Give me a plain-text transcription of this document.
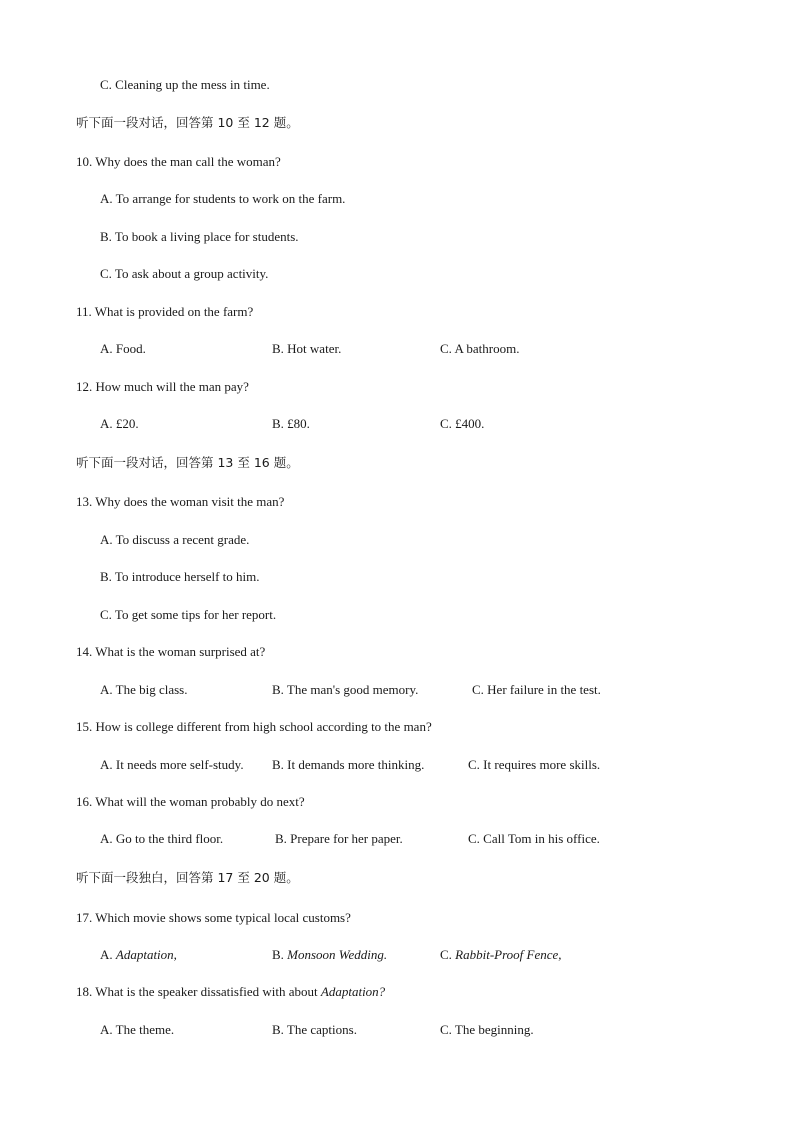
C. Cleaning up the mess in time.
听下面一段对话，回答第 10 至 12 题。
10. Why does the man call the woman?
A. To arrange for students to work on the farm.
B. To book a living place for students.
C. To ask about a group activity.
11. What is provided on the farm?
A. Food.	B. Hot water.	C. A bathroom.
12. How much will the man pay?
A. £20.	B. £80.	C. £400.
听下面一段对话，回答第 13 至 16 题。
13. Why does the woman visit the man?
A. To discuss a recent grade.
B. To introduce herself to him.
C. To get some tips for her report.
14. What is the woman surprised at?
A. The big class.	B. The man's good memory.	C. Her failure in the test.
15. How is college different from high school according to the man?
A. It needs more self-study. B. It demands more thinking.	C. It requires more skills.
16. What will the woman probably do next?
A. Go to the third floor.	B. Prepare for her paper.	C. Call Tom in his office.
听下面一段独白，回答第 17 至 20 题。
17. Which movie shows some typical local customs?
A. Adaptation,	B. Monsoon Wedding.	C. Rabbit-Proof Fence,
18. What is the speaker dissatisfied with about Adaptation?
A. The theme.	B. The captions.	C. The beginning.
